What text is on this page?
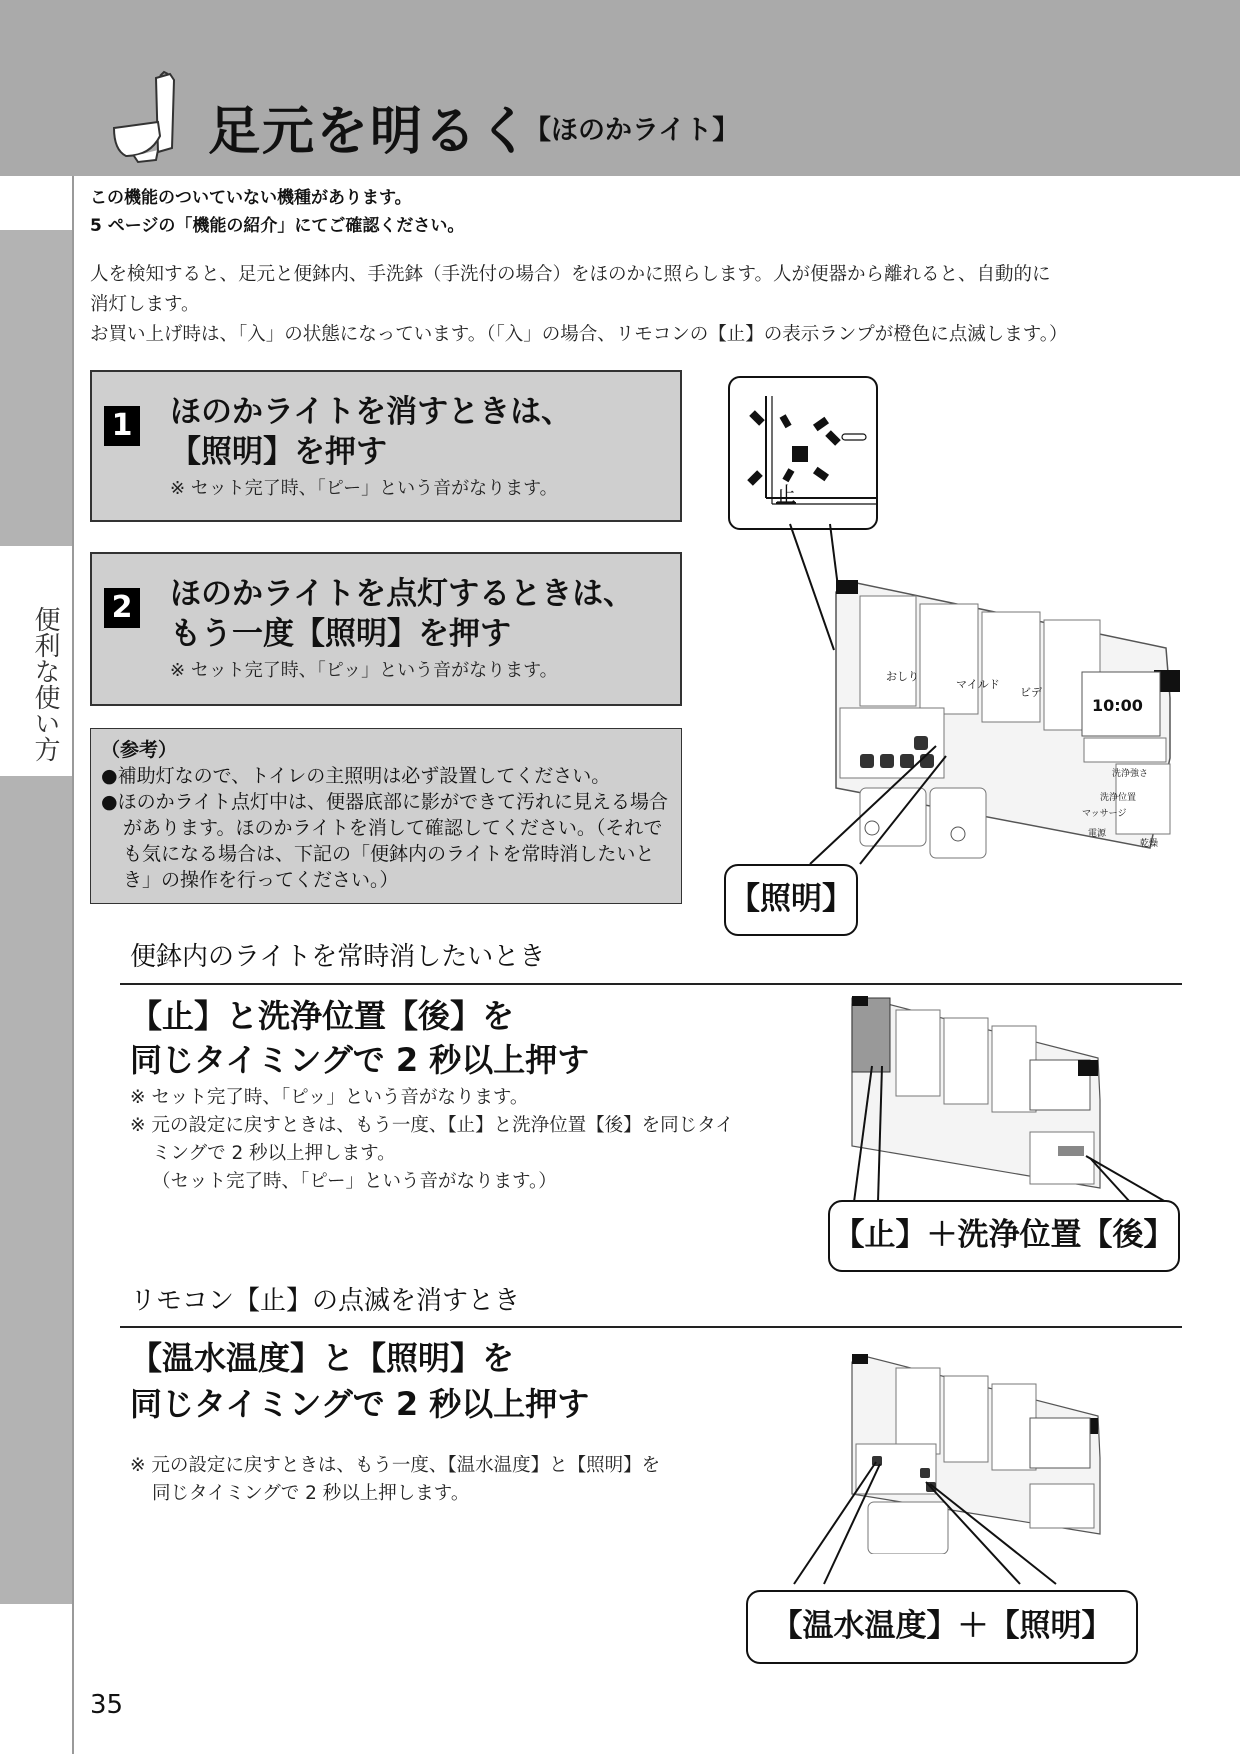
足元を明るく
【ほのかライト】
便利な使い方
この機能のついていない機種があります。
5 ページの「機能の紹介」にてご確認ください。
人を検知すると、足元と便鉢内、手洗鉢（手洗付の場合）をほのかに照らします。人が便器から離れると、自動的に
消灯します。
お買い上げ時は、「入」の状態になっています。（「入」の場合、リモコンの【止】の表示ランプが橙色に点滅します。）
1 ほのかライトを消すときは、
【照明】を押す
※ セット完了時、「ピー」という音がなります。
2 ほのかライトを点灯するときは、
もう一度【照明】を押す
※ セット完了時、「ピッ」という音がなります。
（参考）
●補助灯なので、トイレの主照明は必ず設置してください。
●ほのかライト点灯中は、便器底部に影ができて汚れに見える場合があります。ほのかライトを消して確認してください。（それでも気になる場合は、下記の「便鉢内のライトを常時消したいとき」の操作を行ってください。）
止
おしり
マイルド
ビデ
10:00
洗浄強さ
洗浄位置
マッサージ
電源
乾燥
【照明】
便鉢内のライトを常時消したいとき
【止】と洗浄位置【後】を
同じタイミングで 2 秒以上押す
※ セット完了時、「ピッ」という音がなります。
※ 元の設定に戻すときは、もう一度、【止】と洗浄位置【後】を同じタイ
ミングで 2 秒以上押します。
（セット完了時、「ピー」という音がなります。）
【止】＋洗浄位置【後】
リモコン【止】の点滅を消すとき
【温水温度】と【照明】を
同じタイミングで 2 秒以上押す
※ 元の設定に戻すときは、もう一度、【温水温度】と【照明】を
同じタイミングで 2 秒以上押します。
【温水温度】＋【照明】
35
